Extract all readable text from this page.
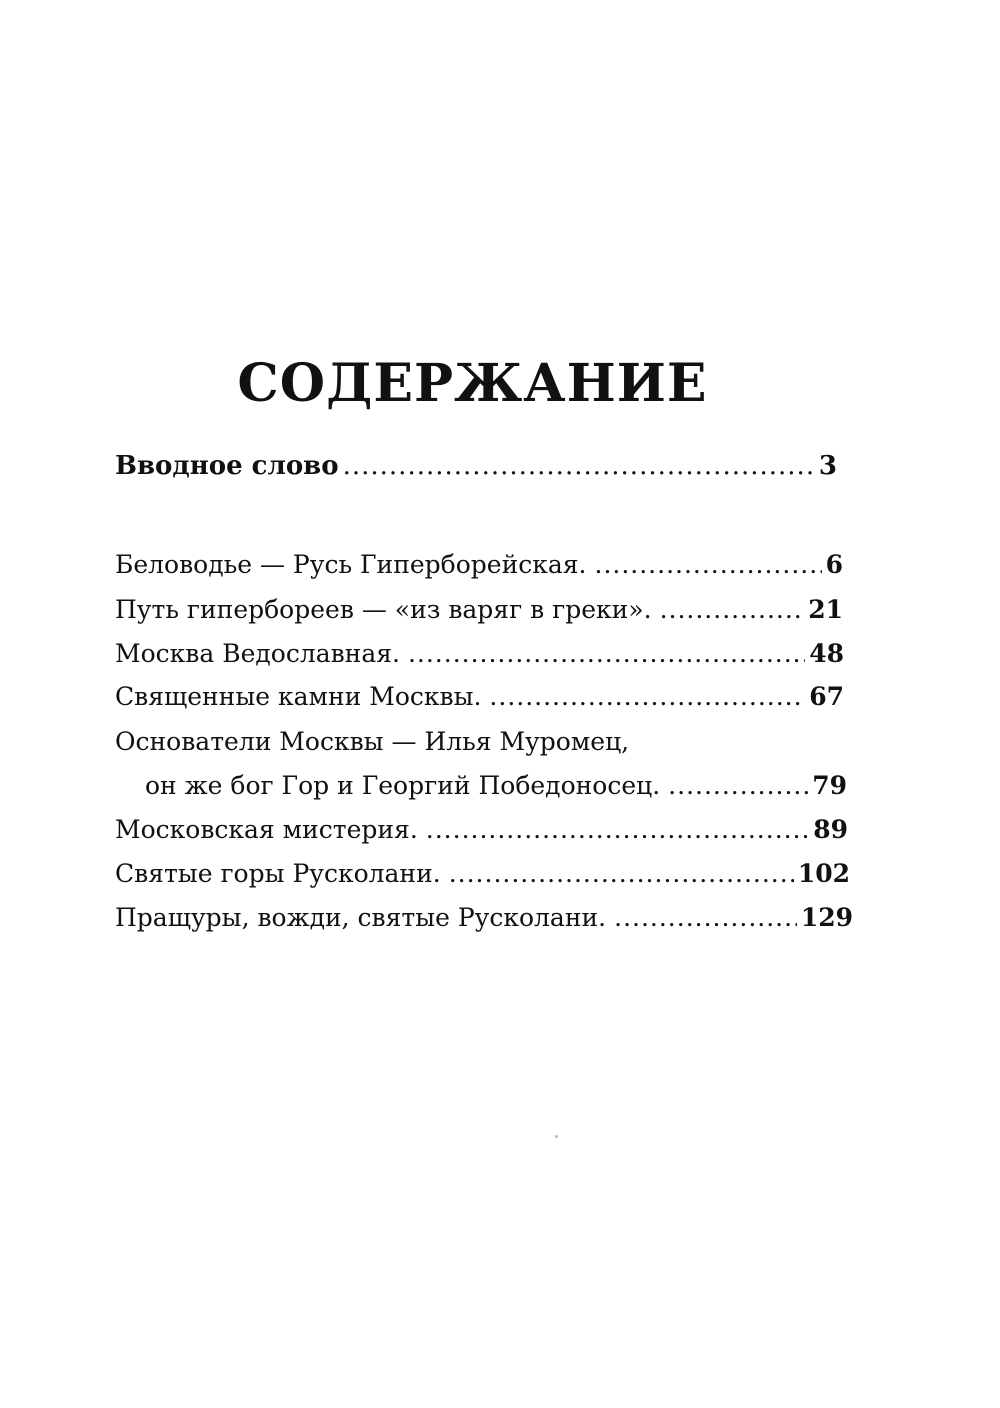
СОДЕРЖАНИЕ
Вводное слово .....	3
Беловодье — Русь Гиперборейская. .....	6
Путь гипербореев — «из варяг в греки». .....	21
Москва Ведославная. .....	48
Священные камни Москвы. .....	67
Основатели Москвы — Илья Муромец,
он же бог Гор и Георгий Победоносец. .....	79
Московская мистерия. .....	89
Святые горы Русколани. .....	102
Пращуры, вожди, святые Русколани. .....	129
